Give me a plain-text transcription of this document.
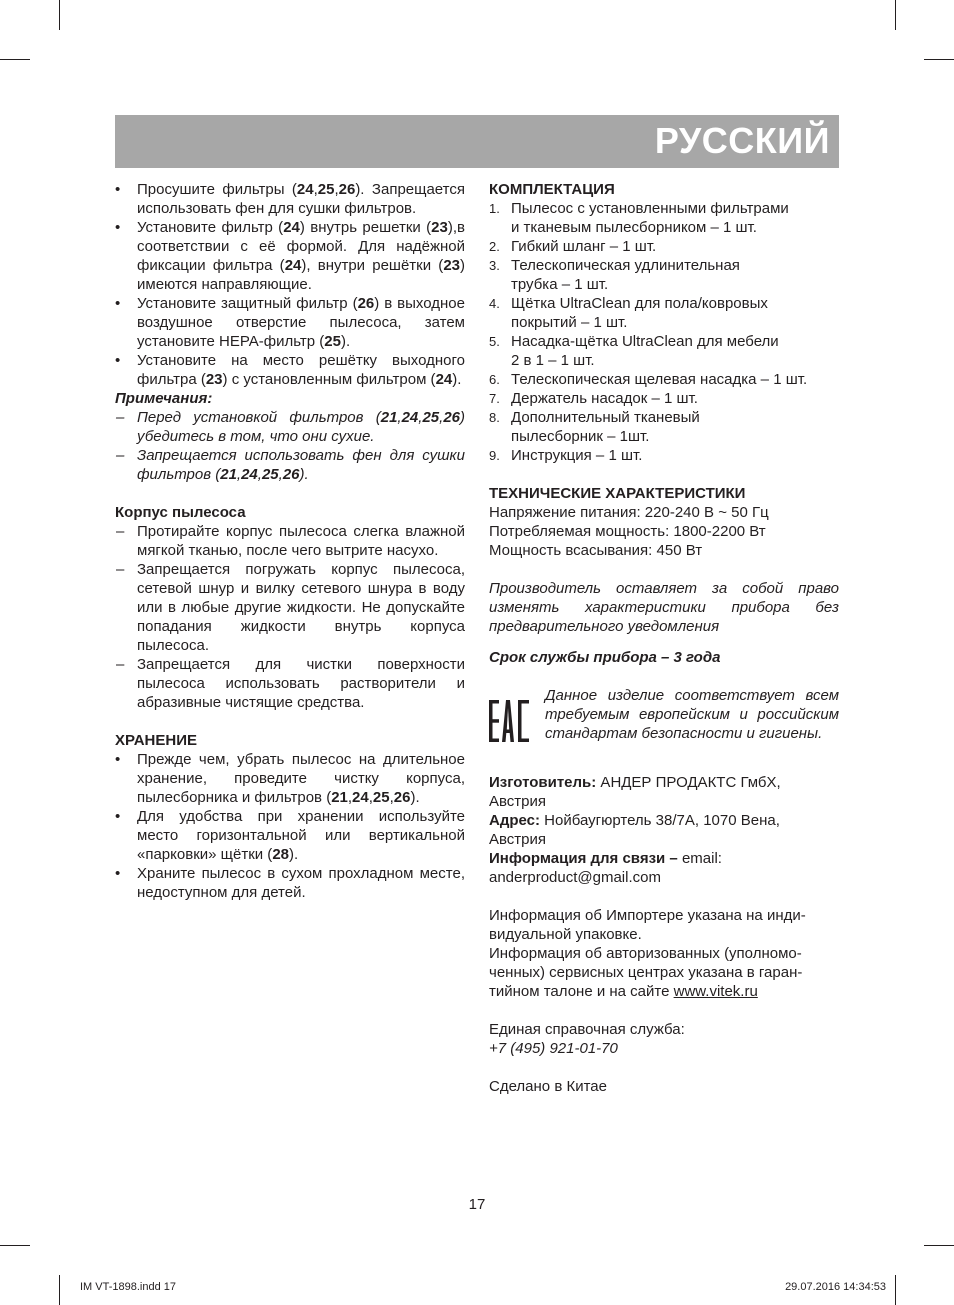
РУССКИЙ
• Просушите фильтры (24,25,26). Запрещается использовать фен для сушки фильтров.
• Установите фильтр (24) внутрь решетки (23),в соответствии с её формой. Для надёжной фиксации фильтра (24), внутри решётки (23) имеются направляющие.
• Установите защитный фильтр (26) в выходное воздушное отверстие пылесоса, затем установите HEPA-фильтр (25).
• Установите на место решётку выходного фильтра (23) с установленным фильтром (24).
Примечания:
– Перед установкой фильтров (21,24,25,26) убедитесь в том, что они сухие.
– Запрещается использовать фен для сушки фильтров (21,24,25,26).
Корпус пылесоса
– Протирайте корпус пылесоса слегка влажной мягкой тканью, после чего вытрите насухо.
– Запрещается погружать корпус пылесоса, сетевой шнур и вилку сетевого шнура в воду или в любые другие жидкости. Не допускайте попадания жидкости внутрь корпуса пылесоса.
– Запрещается для чистки поверхности пылесоса использовать растворители и абразивные чистящие средства.
ХРАНЕНИЕ
• Прежде чем, убрать пылесос на длительное хранение, проведите чистку корпуса, пылесборника и фильтров (21,24,25,26).
• Для удобства при хранении используйте место горизонтальной или вертикальной «парковки» щётки (28).
• Храните пылесос в сухом прохладном месте, недоступном для детей.
КОМПЛЕКТАЦИЯ
1. Пылесос с установленными фильтрами
и тканевым пылесборником – 1 шт.
2. Гибкий шланг – 1 шт.
3. Телескопическая удлинительная
трубка – 1 шт.
4. Щётка UltraClean для пола/ковровых
покрытий – 1 шт.
5. Насадка-щётка UltraClean для мебели
2 в 1 – 1 шт.
6. Телескопическая щелевая насадка – 1 шт.
7. Держатель насадок – 1 шт.
8. Дополнительный тканевый
пылесборник – 1шт.
9. Инструкция – 1 шт.
ТЕХНИЧЕСКИЕ ХАРАКТЕРИСТИКИ
Напряжение питания: 220-240 В ~ 50 Гц
Потребляемая мощность: 1800-2200 Вт
Мощность всасывания: 450 Вт
Производитель оставляет за собой право изменять характеристики прибора без предварительного уведомления
Срок службы прибора – 3 года
Данное изделие соответствует всем требуемым европейским и российским стандартам безопасности и гигиены.
Изготовитель: АНДЕР ПРОДАКТС ГмбХ,
Австрия
Адрес: Нойбаугюртель 38/7А, 1070 Вена,
Австрия
Информация для связи – email:
anderproduct@gmail.com
Информация об Импортере указана на инди-
видуальной упаковке.
Информация об авторизованных (уполномо-
ченных) сервисных центрах указана в гаран-
тийном талоне и на сайте www.vitek.ru
Единая справочная служба:
+7 (495) 921-01-70
Сделано в Китае
17
IM VT-1898.indd 17	29.07.2016 14:34:53
